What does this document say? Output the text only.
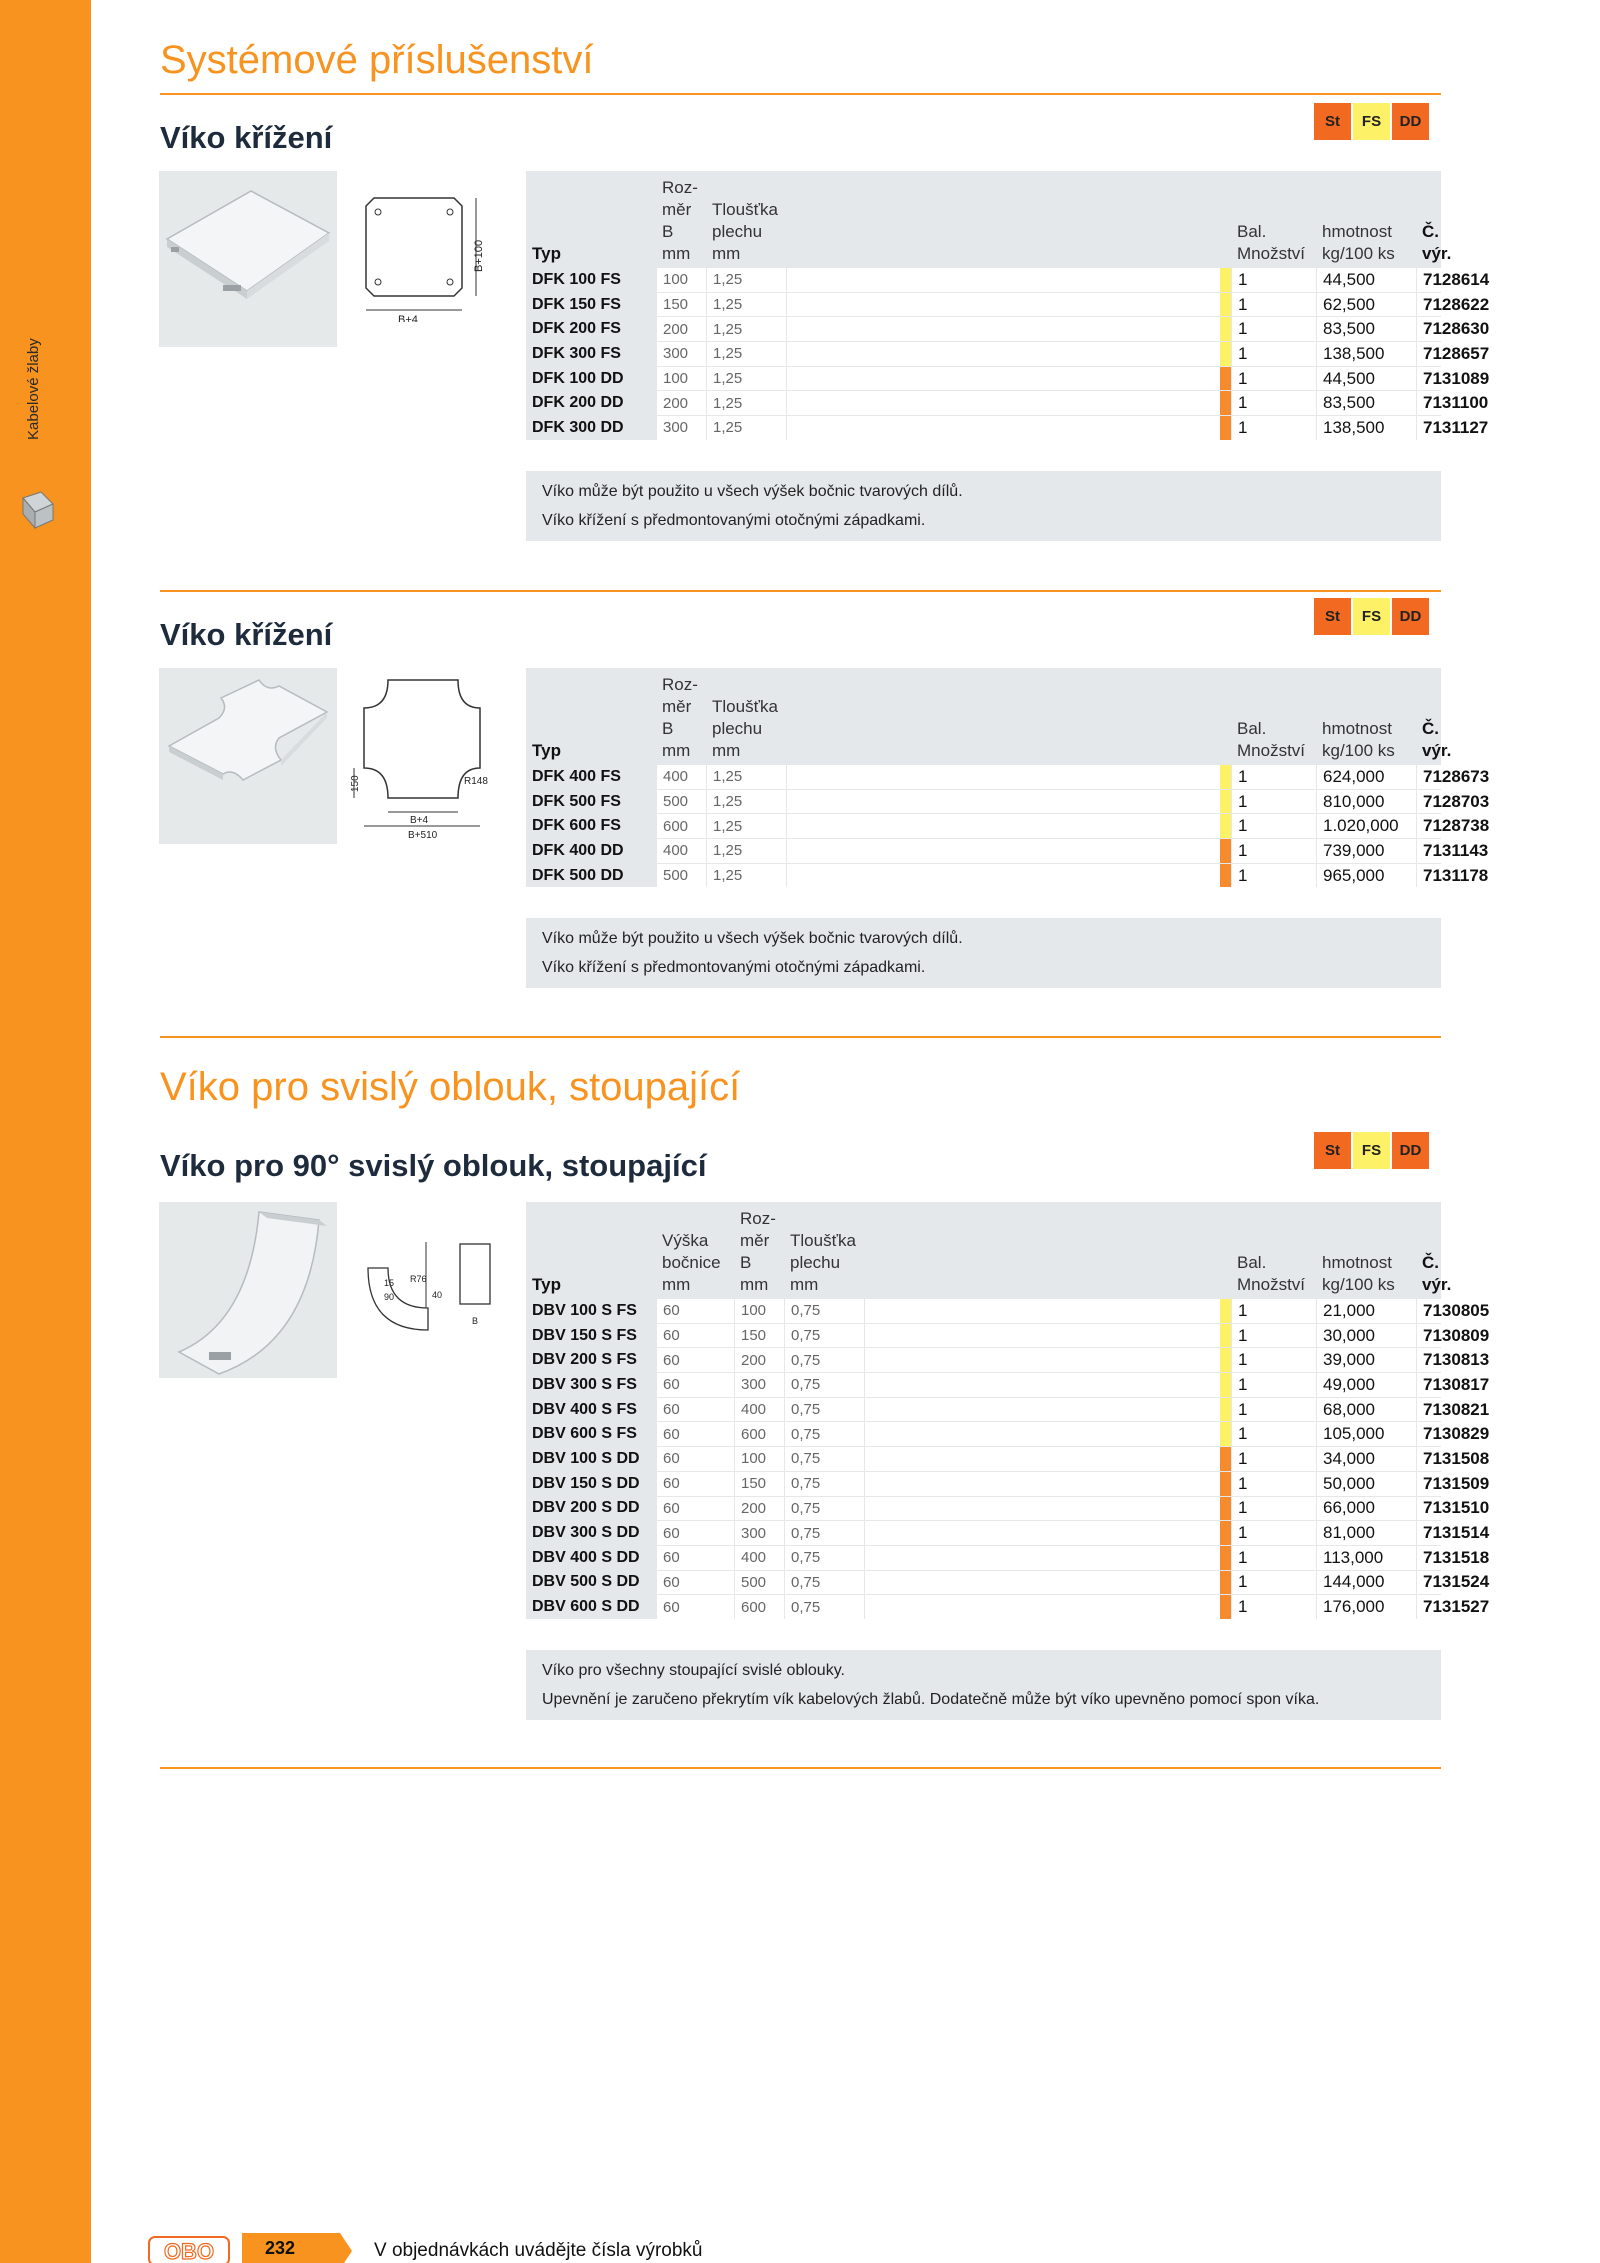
Kabelové žlaby
Systémové příslušenství
Víko křížení	St	FS	DD
B+4
B+100	Typ
Roz-
měr
B
mm
Tloušťka
plechu
mm
Bal.
Množství
hmotnost
kg/100 ks
Č. výr.
DFK 100 FS	100	1,25	1	44,500	7128614
DFK 150 FS	150	1,25	1	62,500	7128622
DFK 200 FS	200	1,25	1	83,500	7128630
DFK 300 FS	300	1,25	1	138,500	7128657
DFK 100 DD	100	1,25	1	44,500	7131089
DFK 200 DD	200	1,25	1	83,500	7131100
DFK 300 DD	300	1,25	1	138,500	7131127
Víko může být použito u všech výšek bočnic tvarových dílů.
Víko křížení s předmontovanými otočnými západkami.
Víko křížení
St	FS	DD
150
B+4
B+510
R148
Typ
Roz-
měr
B
mm
Tloušťka
plechu
mm
Bal.
Množství
hmotnost
kg/100 ks
Č. výr.
DFK 400 FS	400	1,25	1	624,000	7128673
DFK 500 FS	500	1,25	1	810,000	7128703
DFK 600 FS	600	1,25	1	1.020,000	7128738
DFK 400 DD	400	1,25	1	739,000	7131143
DFK 500 DD	500	1,25	1	965,000	7131178
Víko může být použito u všech výšek bočnic tvarových dílů.
Víko křížení s předmontovanými otočnými západkami.
Víko pro svislý oblouk, stoupající
Víko pro 90° svislý oblouk, stoupající	St	FS	DD
15
90
R76
40
B
Typ
Výška
bočnice
mm
Roz-
měr
B
mm
Tloušťka
plechu
mm
Bal.
Množství
hmotnost
kg/100 ks
Č. výr.
DBV 100 S FS	60	100	0,75	1	21,000	7130805
DBV 150 S FS	60	150	0,75	1	30,000	7130809
DBV 200 S FS	60	200	0,75	1	39,000	7130813
DBV 300 S FS	60	300	0,75	1	49,000	7130817
DBV 400 S FS	60	400	0,75	1	68,000	7130821
DBV 600 S FS	60	600	0,75	1	105,000	7130829
DBV 100 S DD	60	100	0,75	1	34,000	7131508
DBV 150 S DD	60	150	0,75	1	50,000	7131509
DBV 200 S DD	60	200	0,75	1	66,000	7131510
DBV 300 S DD	60	300	0,75	1	81,000	7131514
DBV 400 S DD	60	400	0,75	1	113,000	7131518
DBV 500 S DD	60	500	0,75	1	144,000	7131524
DBV 600 S DD	60	600	0,75	1	176,000	7131527
Víko pro všechny stoupající svislé oblouky.
Upevnění je zaručeno překrytím vík kabelových žlabů. Dodatečně může být víko upevněno pomocí spon víka.
OBO	232	V objednávkách uvádějte čísla výrobků
